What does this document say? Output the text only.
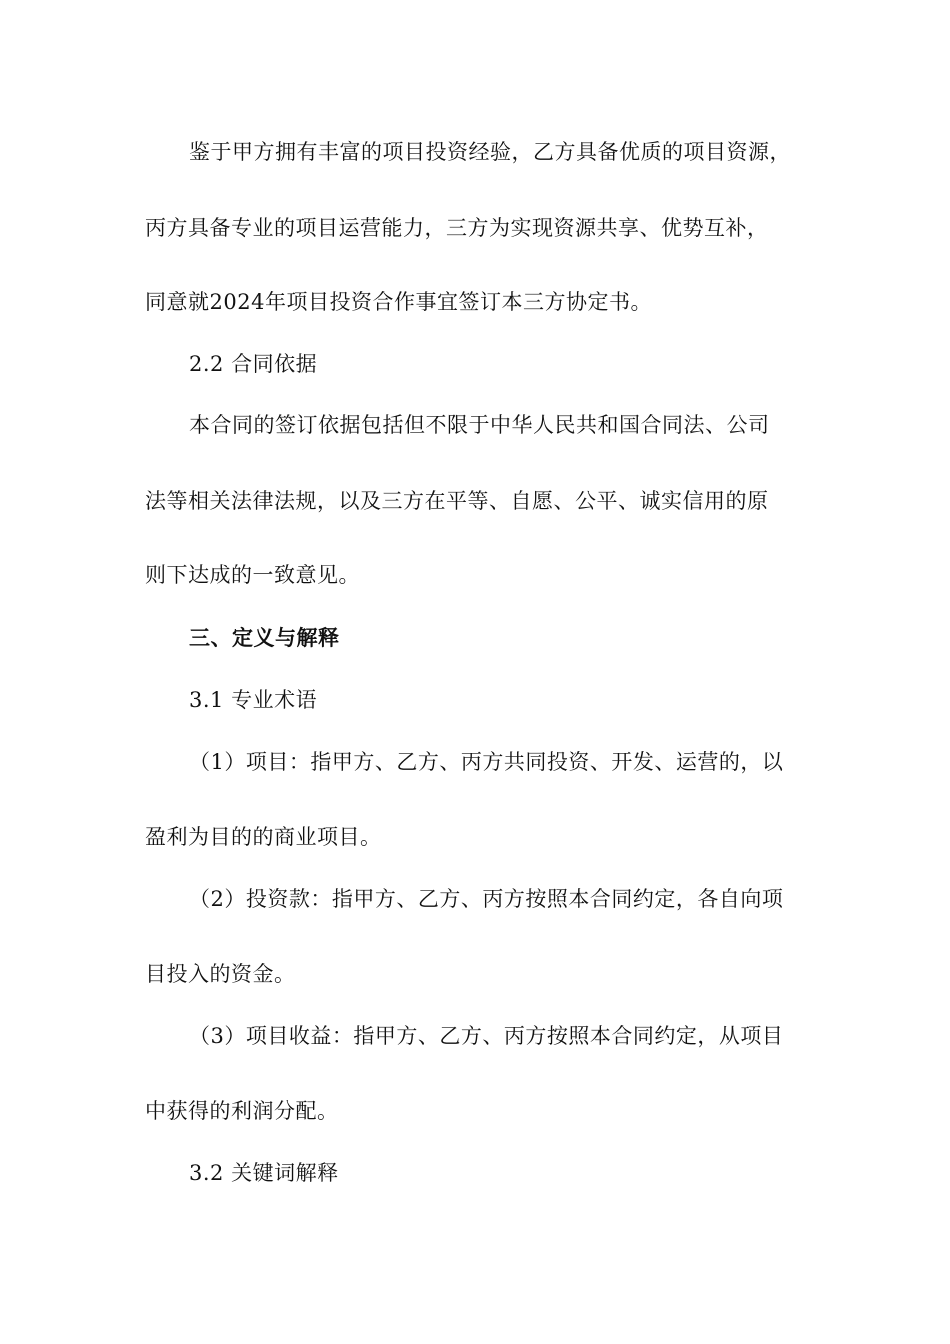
鉴于甲方拥有丰富的项目投资经验，乙方具备优质的项目资源，
丙方具备专业的项目运营能力，三方为实现资源共享、优势互补，
同意就2024年项目投资合作事宜签订本三方协定书。
2.2 合同依据
本合同的签订依据包括但不限于中华人民共和国合同法、公司
法等相关法律法规，以及三方在平等、自愿、公平、诚实信用的原
则下达成的一致意见。
三、定义与解释
3.1 专业术语
（1）项目：指甲方、乙方、丙方共同投资、开发、运营的，以
盈利为目的的商业项目。
（2）投资款：指甲方、乙方、丙方按照本合同约定，各自向项
目投入的资金。
（3）项目收益：指甲方、乙方、丙方按照本合同约定，从项目
中获得的利润分配。
3.2 关键词解释
